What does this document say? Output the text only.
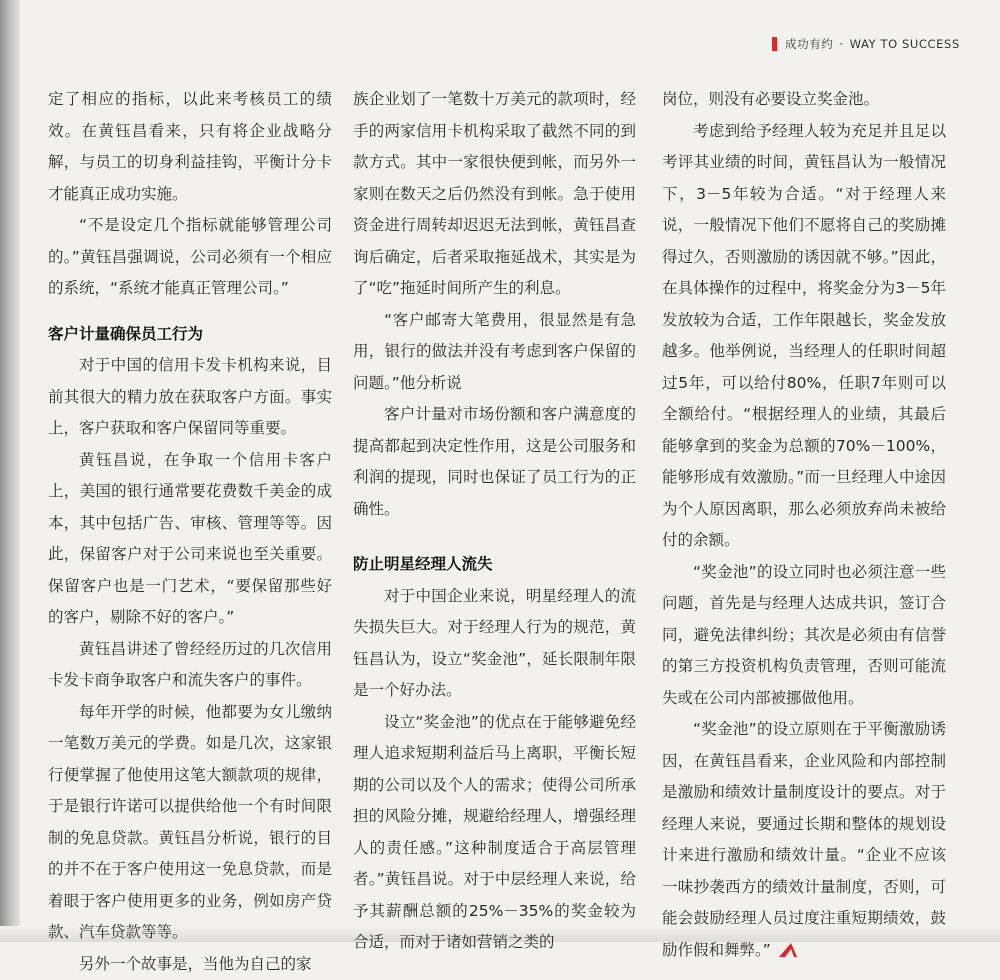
成功有约 · WAY TO SUCCESS

定了相应的指标，以此来考核员工的绩效。在黄钰昌看来，只有将企业战略分解，与员工的切身利益挂钩，平衡计分卡才能真正成功实施。

“不是设定几个指标就能够管理公司的。”黄钰昌强调说，公司必须有一个相应的系统，“系统才能真正管理公司。”

客户计量确保员工行为

对于中国的信用卡发卡机构来说，目前其很大的精力放在获取客户方面。事实上，客户获取和客户保留同等重要。

黄钰昌说，在争取一个信用卡客户上，美国的银行通常要花费数千美金的成本，其中包括广告、审核、管理等等。因此，保留客户对于公司来说也至关重要。保留客户也是一门艺术，“要保留那些好的客户，剔除不好的客户。”

黄钰昌讲述了曾经经历过的几次信用卡发卡商争取客户和流失客户的事件。

每年开学的时候，他都要为女儿缴纳一笔数万美元的学费。如是几次，这家银行便掌握了他使用这笔大额款项的规律，于是银行许诺可以提供给他一个有时间限制的免息贷款。黄钰昌分析说，银行的目的并不在于客户使用这一免息贷款，而是着眼于客户使用更多的业务，例如房产贷款、汽车贷款等等。

另外一个故事是，当他为自己的家

族企业划了一笔数十万美元的款项时，经手的两家信用卡机构采取了截然不同的到款方式。其中一家很快便到帐，而另外一家则在数天之后仍然没有到帐。急于使用资金进行周转却迟迟无法到帐，黄钰昌查询后确定，后者采取拖延战术，其实是为了“吃”拖延时间所产生的利息。

“客户邮寄大笔费用，很显然是有急用，银行的做法并没有考虑到客户保留的问题。”他分析说

客户计量对市场份额和客户满意度的提高都起到决定性作用，这是公司服务和利润的提现，同时也保证了员工行为的正确性。

防止明星经理人流失

对于中国企业来说，明星经理人的流失损失巨大。对于经理人行为的规范，黄钰昌认为，设立“奖金池”，延长限制年限是一个好办法。

设立“奖金池”的优点在于能够避免经理人追求短期利益后马上离职，平衡长短期的公司以及个人的需求；使得公司所承担的风险分摊，规避给经理人，增强经理人的责任感。”这种制度适合于高层管理者。”黄钰昌说。对于中层经理人来说，给予其薪酬总额的25%－35%的奖金较为合适，而对于诸如营销之类的

岗位，则没有必要设立奖金池。

考虑到给予经理人较为充足并且足以考评其业绩的时间，黄钰昌认为一般情况下，3－5年较为合适。“对于经理人来说，一般情况下他们不愿将自己的奖励摊得过久，否则激励的诱因就不够。”因此，在具体操作的过程中，将奖金分为3－5年发放较为合适，工作年限越长，奖金发放越多。他举例说，当经理人的任职时间超过5年，可以给付80%，任职7年则可以全额给付。“根据经理人的业绩，其最后能够拿到的奖金为总额的70%－100%，能够形成有效激励。”而一旦经理人中途因为个人原因离职，那么必须放弃尚未被给付的余额。

“奖金池”的设立同时也必须注意一些问题，首先是与经理人达成共识，签订合同，避免法律纠纷；其次是必须由有信誉的第三方投资机构负责管理，否则可能流失或在公司内部被挪做他用。

“奖金池”的设立原则在于平衡激励诱因，在黄钰昌看来，企业风险和内部控制是激励和绩效计量制度设计的要点。对于经理人来说，要通过长期和整体的规划设计来进行激励和绩效计量。“企业不应该一味抄袭西方的绩效计量制度，否则，可能会鼓励经理人员过度注重短期绩效，鼓励作假和舞弊。”
